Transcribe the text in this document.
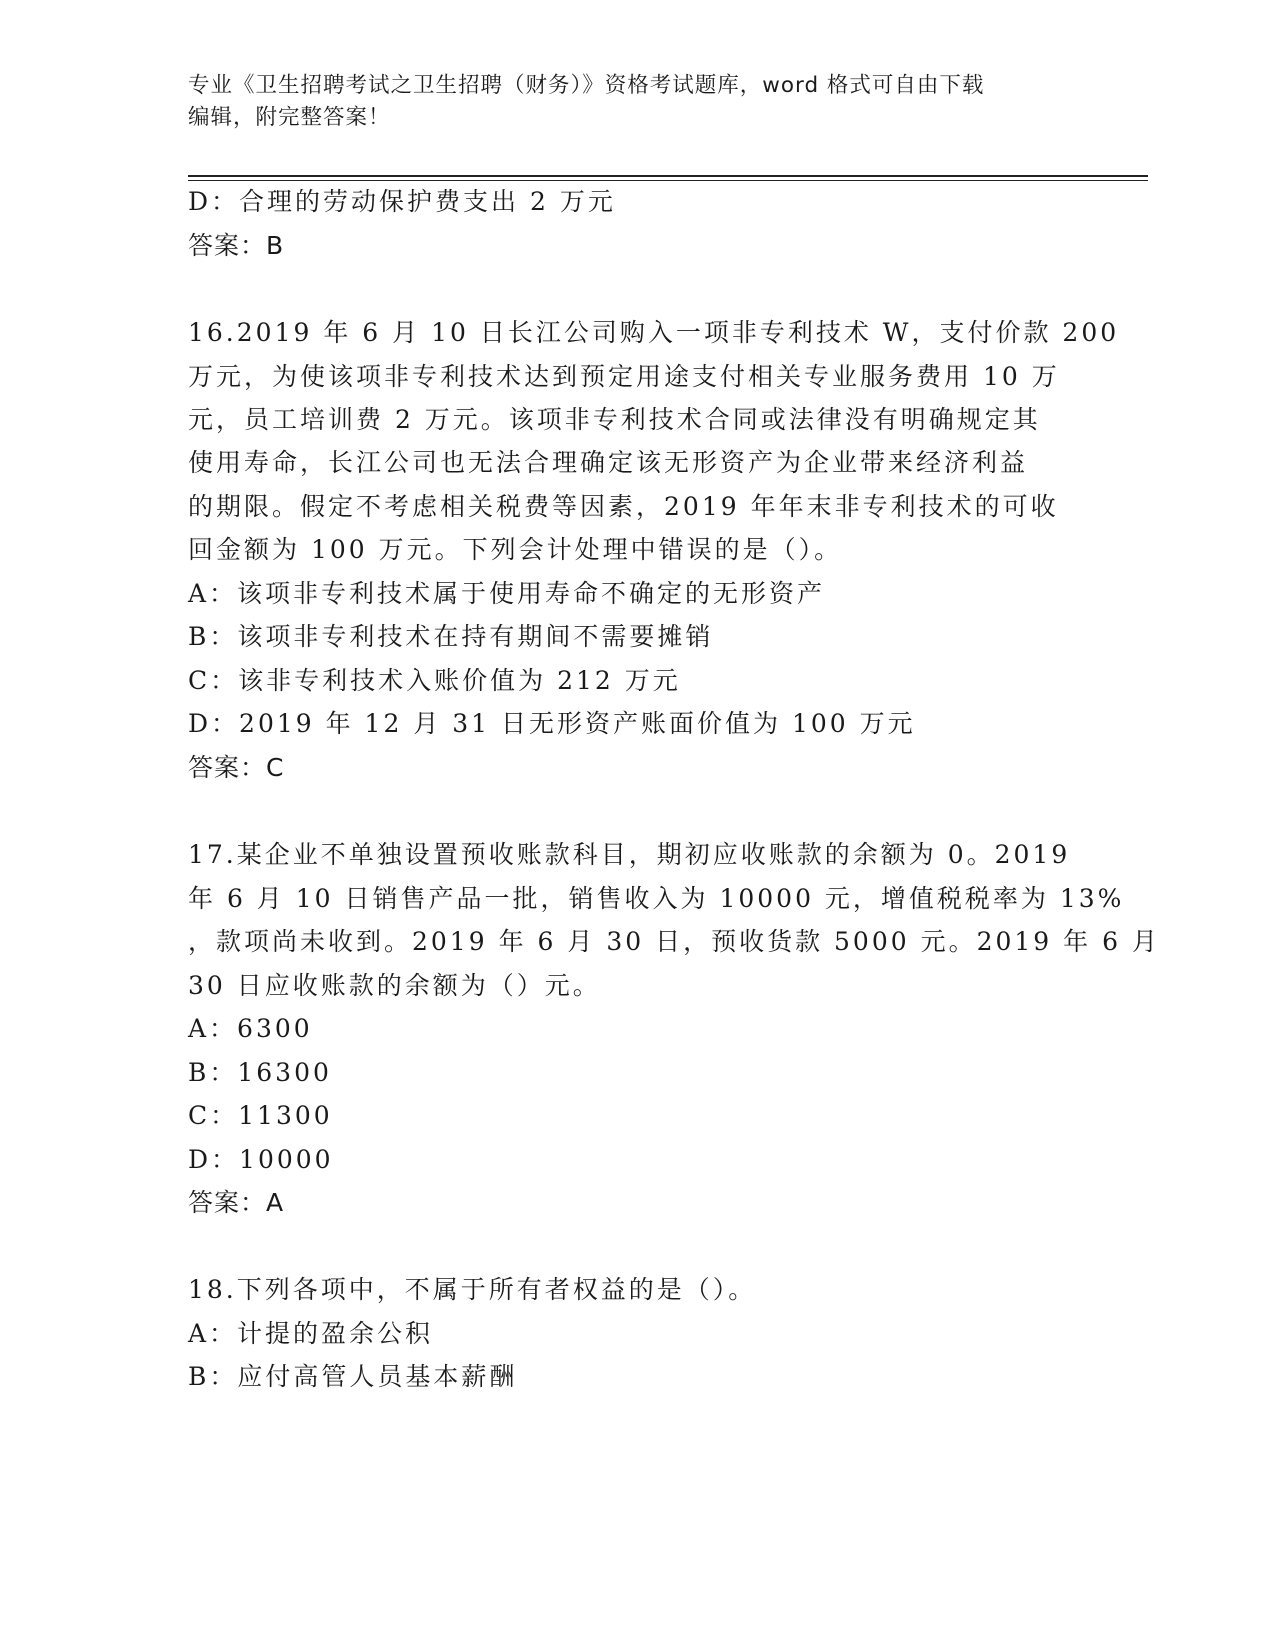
专业《卫生招聘考试之卫生招聘（财务）》资格考试题库，word 格式可自由下载
编辑，附完整答案！
D：合理的劳动保护费支出 2 万元
答案：B
16.2019 年 6 月 10 日长江公司购入一项非专利技术 W，支付价款 200
万元，为使该项非专利技术达到预定用途支付相关专业服务费用 10 万
元，员工培训费 2 万元。该项非专利技术合同或法律没有明确规定其
使用寿命，长江公司也无法合理确定该无形资产为企业带来经济利益
的期限。假定不考虑相关税费等因素，2019 年年末非专利技术的可收
回金额为 100 万元。下列会计处理中错误的是（）。
A：该项非专利技术属于使用寿命不确定的无形资产
B：该项非专利技术在持有期间不需要摊销
C：该非专利技术入账价值为 212 万元
D：2019 年 12 月 31 日无形资产账面价值为 100 万元
答案：C
17.某企业不单独设置预收账款科目，期初应收账款的余额为 0。2019
年 6 月 10 日销售产品一批，销售收入为 10000 元，增值税税率为 13%
，款项尚未收到。2019 年 6 月 30 日，预收货款 5000 元。2019 年 6 月
30 日应收账款的余额为（）元。
A：6300
B：16300
C：11300
D：10000
答案：A
18.下列各项中，不属于所有者权益的是（）。
A：计提的盈余公积
B：应付高管人员基本薪酬
